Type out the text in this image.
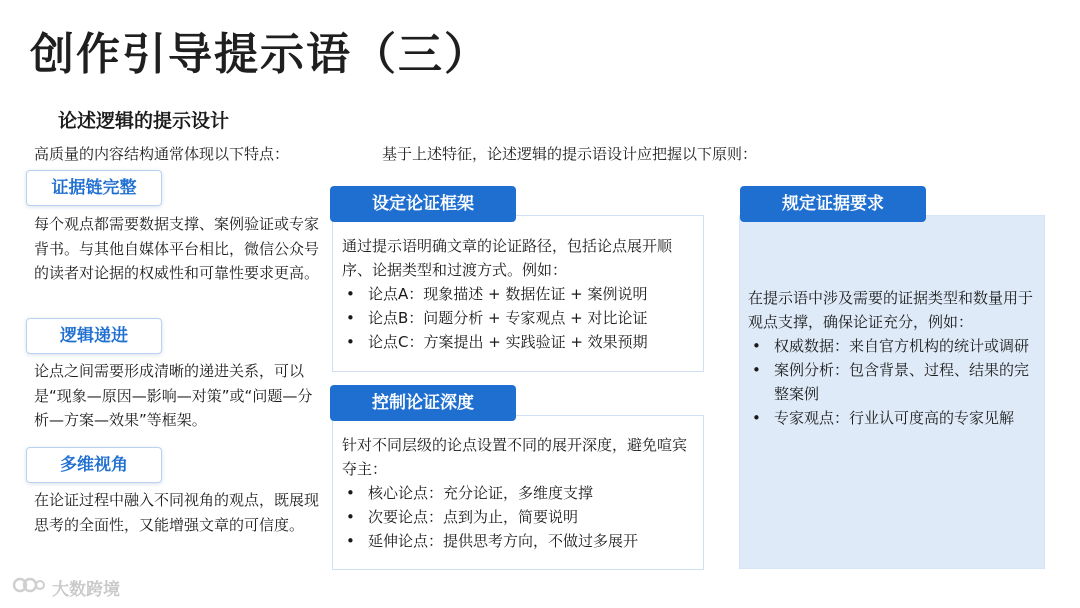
创作引导提示语（三）
论述逻辑的提示设计
高质量的内容结构通常体现以下特点：	基于上述特征，论述逻辑的提示语设计应把握以下原则：
证据链完整
每个观点都需要数据支撑、案例验证或专家背书。与其他自媒体平台相比，微信公众号的读者对论据的权威性和可靠性要求更高。
逻辑递进
论点之间需要形成清晰的递进关系，可以是“现象—原因—影响—对策”或“问题—分析—方案—效果”等框架。
多维视角
在论证过程中融入不同视角的观点，既展现思考的全面性，又能增强文章的可信度。
设定论证框架
通过提示语明确文章的论证路径，包括论点展开顺序、论据类型和过渡方式。例如：
• 论点A：现象描述 + 数据佐证 + 案例说明
• 论点B：问题分析 + 专家观点 + 对比论证
• 论点C：方案提出 + 实践验证 + 效果预期
控制论证深度
针对不同层级的论点设置不同的展开深度，避免喧宾夺主：
• 核心论点：充分论证，多维度支撑
• 次要论点：点到为止，简要说明
• 延伸论点：提供思考方向，不做过多展开
规定证据要求
在提示语中涉及需要的证据类型和数量用于观点支撑，确保论证充分，例如：
• 权威数据：来自官方机构的统计或调研
• 案例分析：包含背景、过程、结果的完整案例
• 专家观点：行业认可度高的专家见解
大数跨境
